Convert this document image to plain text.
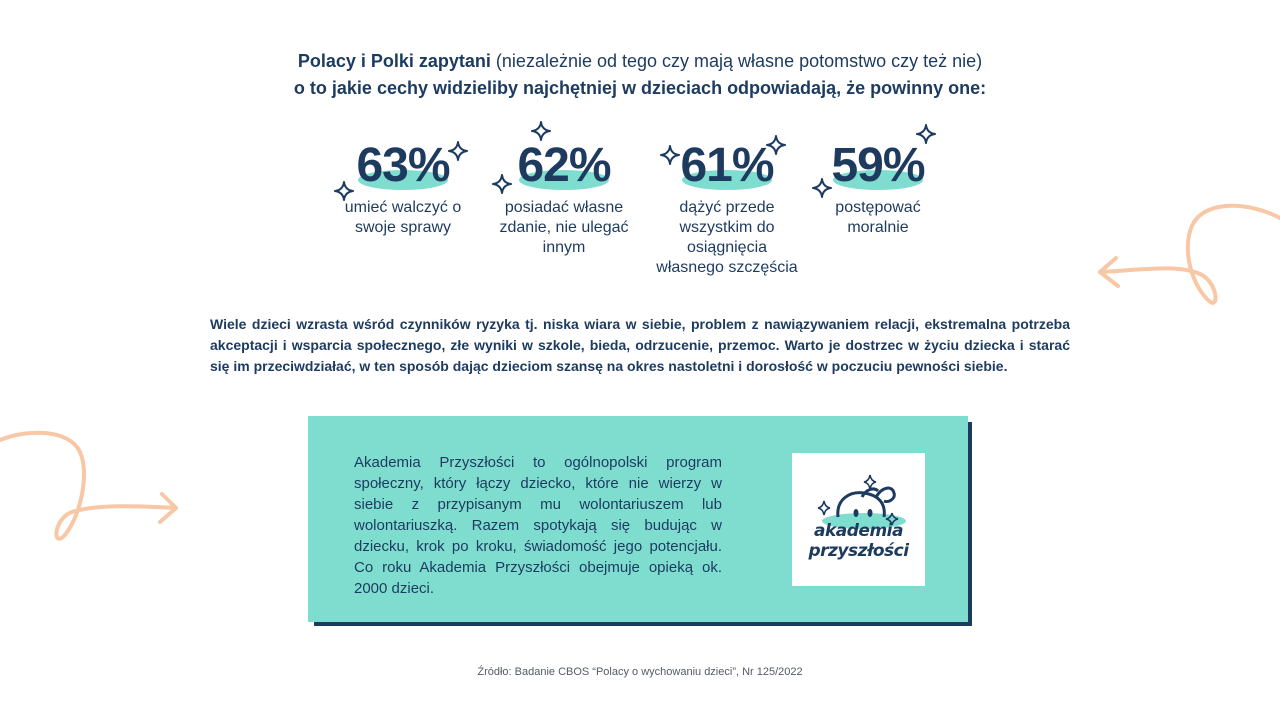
Polacy i Polki zapytani (niezależnie od tego czy mają własne potomstwo czy też nie)
o to jakie cechy widzieliby najchętniej w dzieciach odpowiadają, że powinny one:
63%
umieć walczyć o swoje sprawy
62%
posiadać własne zdanie, nie ulegać innym
61%
dążyć przede wszystkim do osiągnięcia własnego szczęścia
59%
postępować moralnie
Wiele dzieci wzrasta wśród czynników ryzyka tj. niska wiara w siebie, problem z nawiązywaniem relacji, ekstremalna potrzeba akceptacji i wsparcia społecznego, złe wyniki w szkole, bieda, odrzucenie, przemoc. Warto je dostrzec w życiu dziecka i starać się im przeciwdziałać, w ten sposób dając dzieciom szansę na okres nastoletni i dorosłość w poczuciu pewności siebie.
Akademia Przyszłości to ogólnopolski program społeczny, który łączy dziecko, które nie wierzy w siebie z przypisanym mu wolontariuszem lub wolontariuszką. Razem spotykają się budując w dziecku, krok po kroku, świadomość jego potencjału. Co roku Akademia Przyszłości obejmuje opieką ok. 2000 dzieci.
akademia
przyszłości
Źródło: Badanie CBOS “Polacy o wychowaniu dzieci”, Nr 125/2022
